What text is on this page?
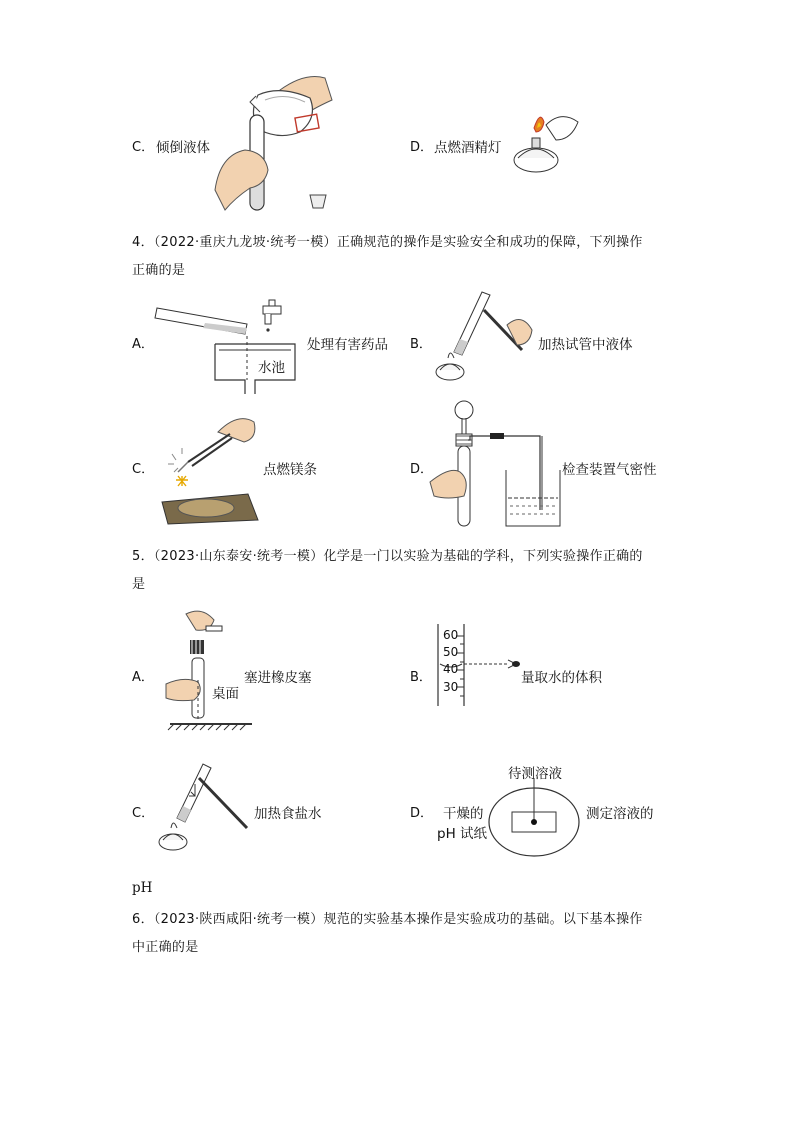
C． 倾倒液体	D． 点燃酒精灯
4．（2022·重庆九龙坡·统考一模）正确规范的操作是实验安全和成功的保障，下列操作
正确的是
A．
水池
处理有害药品 B．	加热试管中液体
C．	点燃镁条	D．	检查装置气密性
5．（2023·山东泰安·统考一模）化学是一门以实验为基础的学科，下列实验操作正确的
是
A．	塞进橡皮塞
桌面
B．
60
50
40
30
量取水的体积
C．	加热食盐水	D．
待测溶液
干燥的
pH 试纸
测定溶液的
pH
6．（2023·陕西咸阳·统考一模）规范的实验基本操作是实验成功的基础。以下基本操作
中正确的是
